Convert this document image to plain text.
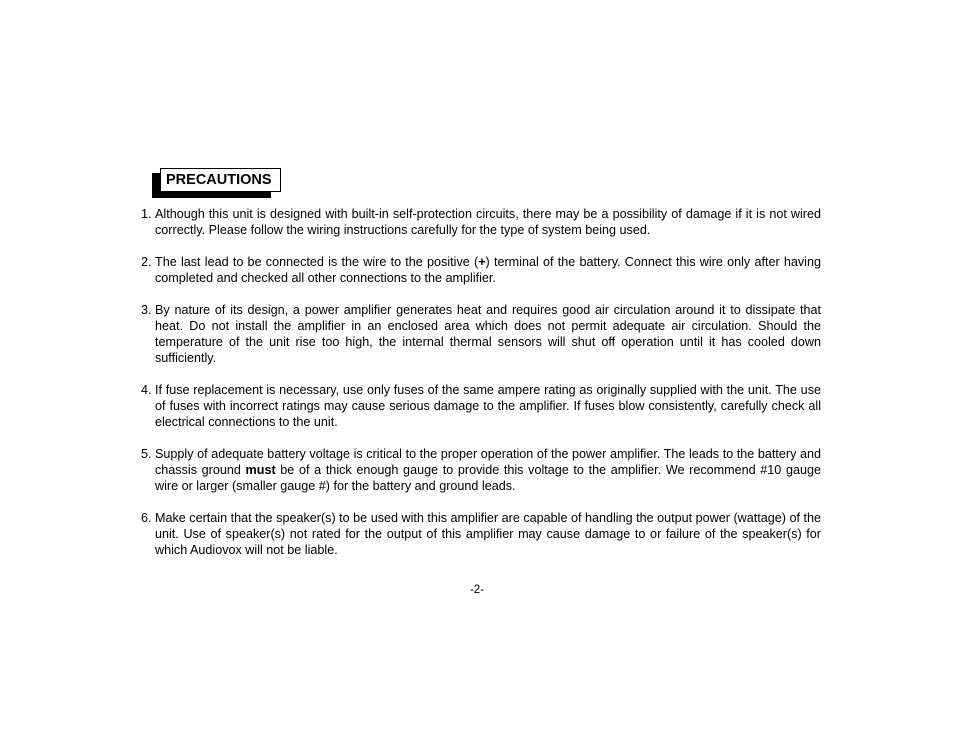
PRECAUTIONS
1. Although this unit is designed with built-in self-protection circuits, there may be a possibility of damage if it is not wired correctly. Please follow the wiring instructions carefully for the type of system being used.
2. The last lead to be connected is the wire to the positive (+) terminal of the battery. Connect this wire only after having completed and checked all other connections to the amplifier.
3. By nature of its design, a power amplifier generates heat and requires good air circulation around it to dissipate that heat. Do not install the amplifier in an enclosed area which does not permit adequate air circulation. Should the temperature of the unit rise too high, the internal thermal sensors will shut off operation until it has cooled down sufficiently.
4. If fuse replacement is necessary, use only fuses of the same ampere rating as originally supplied with the unit. The use of fuses with incorrect ratings may cause serious damage to the amplifier. If fuses blow consistently, carefully check all electrical connections to the unit.
5. Supply of adequate battery voltage is critical to the proper operation of the power amplifier. The leads to the battery and chassis ground must be of a thick enough gauge to provide this voltage to the amplifier. We recommend #10 gauge wire or larger (smaller gauge #) for the battery and ground leads.
6. Make certain that the speaker(s) to be used with this amplifier are capable of handling the output power (wattage) of the unit. Use of speaker(s) not rated for the output of this amplifier may cause damage to or failure of the speaker(s) for which Audiovox will not be liable.
-2-
